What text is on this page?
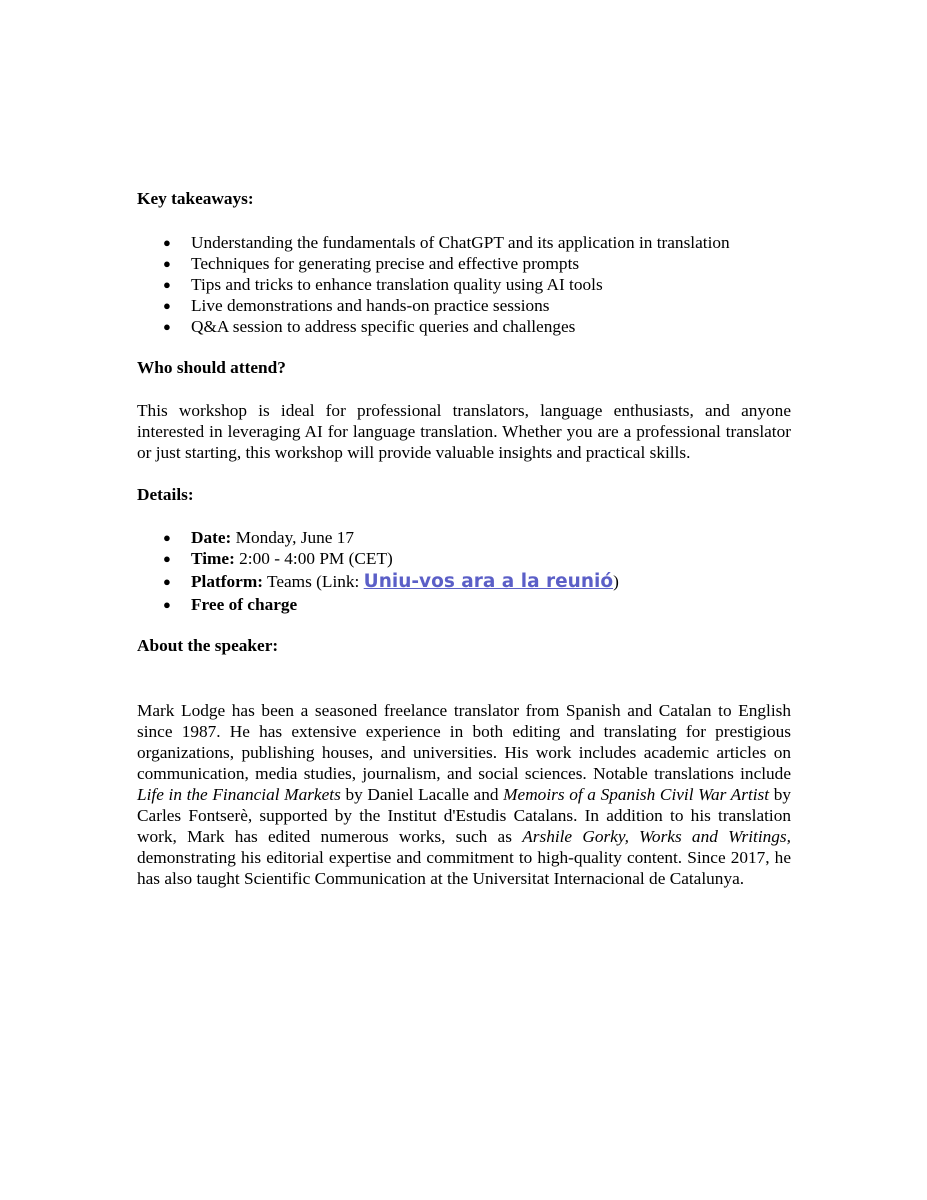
Key takeaways:

● Understanding the fundamentals of ChatGPT and its application in translation
● Techniques for generating precise and effective prompts
● Tips and tricks to enhance translation quality using AI tools
● Live demonstrations and hands-on practice sessions
● Q&A session to address specific queries and challenges

Who should attend?

This workshop is ideal for professional translators, language enthusiasts, and anyone interested in leveraging AI for language translation. Whether you are a professional translator or just starting, this workshop will provide valuable insights and practical skills.

Details:

● Date: Monday, June 17
● Time: 2:00 - 4:00 PM (CET)
● Platform: Teams (Link: Uniu-vos ara a la reunió)
● Free of charge

About the speaker:

Mark Lodge has been a seasoned freelance translator from Spanish and Catalan to English since 1987. He has extensive experience in both editing and translating for prestigious organizations, publishing houses, and universities. His work includes academic articles on communication, media studies, journalism, and social sciences. Notable translations include Life in the Financial Markets by Daniel Lacalle and Memoirs of a Spanish Civil War Artist by Carles Fontserè, supported by the Institut d'Estudis Catalans. In addition to his translation work, Mark has edited numerous works, such as Arshile Gorky, Works and Writings, demonstrating his editorial expertise and commitment to high-quality content. Since 2017, he has also taught Scientific Communication at the Universitat Internacional de Catalunya.
